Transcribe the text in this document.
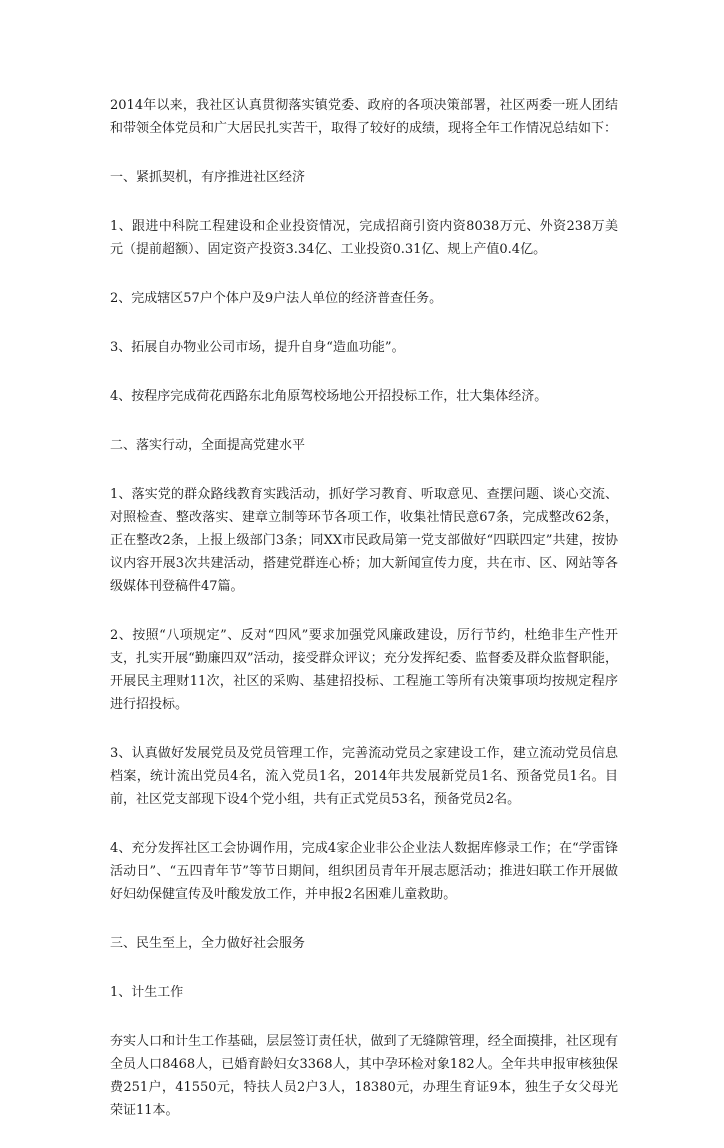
2014年以来，我社区认真贯彻落实镇党委、政府的各项决策部署，社区两委一班人团结和带领全体党员和广大居民扎实苦干，取得了较好的成绩，现将全年工作情况总结如下：

一、紧抓契机，有序推进社区经济

1、跟进中科院工程建设和企业投资情况，完成招商引资内资8038万元、外资238万美元（提前超额）、固定资产投资3.34亿、工业投资0.31亿、规上产值0.4亿。

2、完成辖区57户个体户及9户法人单位的经济普查任务。

3、拓展自办物业公司市场，提升自身“造血功能”。

4、按程序完成荷花西路东北角原驾校场地公开招投标工作，壮大集体经济。

二、落实行动，全面提高党建水平

1、落实党的群众路线教育实践活动，抓好学习教育、听取意见、查摆问题、谈心交流、对照检查、整改落实、建章立制等环节各项工作，收集社情民意67条，完成整改62条，正在整改2条，上报上级部门3条；同XX市民政局第一党支部做好“四联四定”共建，按协议内容开展3次共建活动，搭建党群连心桥；加大新闻宣传力度，共在市、区、网站等各级媒体刊登稿件47篇。

2、按照“八项规定”、反对“四风”要求加强党风廉政建设，厉行节约，杜绝非生产性开支，扎实开展“勤廉四双”活动，接受群众评议；充分发挥纪委、监督委及群众监督职能，开展民主理财11次，社区的采购、基建招投标、工程施工等所有决策事项均按规定程序进行招投标。

3、认真做好发展党员及党员管理工作，完善流动党员之家建设工作，建立流动党员信息档案，统计流出党员4名，流入党员1名，2014年共发展新党员1名、预备党员1名。目前，社区党支部现下设4个党小组，共有正式党员53名，预备党员2名。

4、充分发挥社区工会协调作用，完成4家企业非公企业法人数据库修录工作；在“学雷锋活动日”、“五四青年节”等节日期间，组织团员青年开展志愿活动；推进妇联工作开展做好妇幼保健宣传及叶酸发放工作，并申报2名困难儿童救助。

三、民生至上，全力做好社会服务

1、计生工作

夯实人口和计生工作基础，层层签订责任状，做到了无缝隙管理，经全面摸排，社区现有全员人口8468人，已婚育龄妇女3368人，其中孕环检对象182人。全年共申报审核独保费251户，41550元，特扶人员2户3人，18380元，办理生育证9本，独生子女父母光荣证11本。
